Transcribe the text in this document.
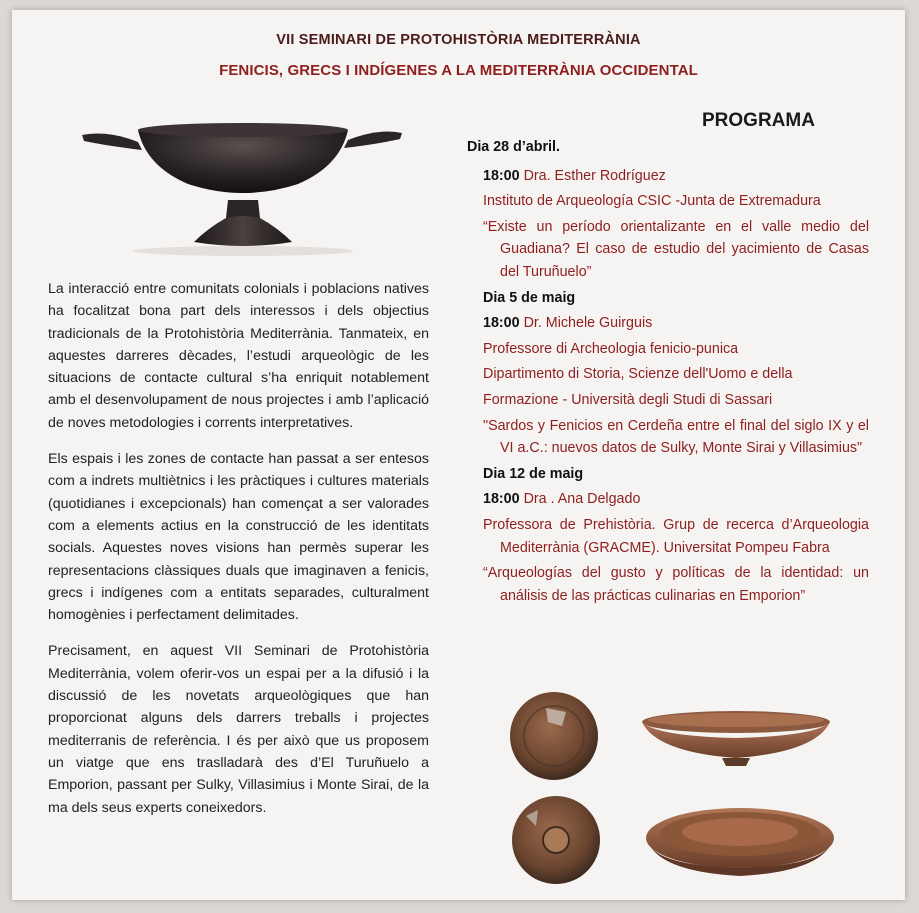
VII SEMINARI DE PROTOHISTÒRIA MEDITERRÀNIA
FENICIS, GRECS I INDÍGENES A LA MEDITERRÀNIA OCCIDENTAL

La interacció entre comunitats colonials i poblacions natives ha focalitzat bona part dels interessos i dels objectius tradicionals de la Protohistòria Mediterrània. Tanmateix, en aquestes darreres dècades, l’estudi arqueològic de les situacions de contacte cultural s’ha enriquit notablement amb el desenvolupament de nous projectes i amb l’aplicació de noves metodologies i corrents interpretatives.

Els espais i les zones de contacte han passat a ser entesos com a indrets multiètnics i les pràctiques i cultures materials (quotidianes i excepcionals) han començat a ser valorades com a elements actius en la construcció de les identitats socials. Aquestes noves visions han permès superar les representacions clàssiques duals que imaginaven a fenicis, grecs i indígenes com a entitats separades, culturalment homogènies i perfectament delimitades.

Precisament, en aquest VII Seminari de Protohistòria Mediterrània, volem oferir-vos un espai per a la difusió i la discussió de les novetats arqueològiques que han proporcionat alguns dels darrers treballs i projectes mediterranis de referència. I és per això que us proposem un viatge que ens traslladarà des d’El Turuñuelo a Emporion, passant per Sulky, Villasimius i Monte Sirai, de la ma dels seus experts coneixedors.

PROGRAMA
Dia 28 d’abril.
18:00 Dra. Esther Rodríguez
Instituto de Arqueología CSIC -Junta de Extremadura
“Existe un período orientalizante en el valle medio del Guadiana? El caso de estudio del yacimiento de Casas del Turuñuelo”
Dia 5 de maig
18:00 Dr. Michele Guirguis
Professore di Archeologia fenicio-punica
Dipartimento di Storia, Scienze dell'Uomo e della
Formazione - Università degli Studi di Sassari
"Sardos y Fenicios en Cerdeña entre el final del siglo IX y el VI a.C.: nuevos datos de Sulky, Monte Sirai y Villasimius"
Dia 12 de maig
18:00 Dra . Ana Delgado
Professora de Prehistòria. Grup de recerca d’Arqueologia Mediterrània (GRACME). Universitat Pompeu Fabra
“Arqueologías del gusto y políticas de la identidad: un análisis de las prácticas culinarias en Emporion”
